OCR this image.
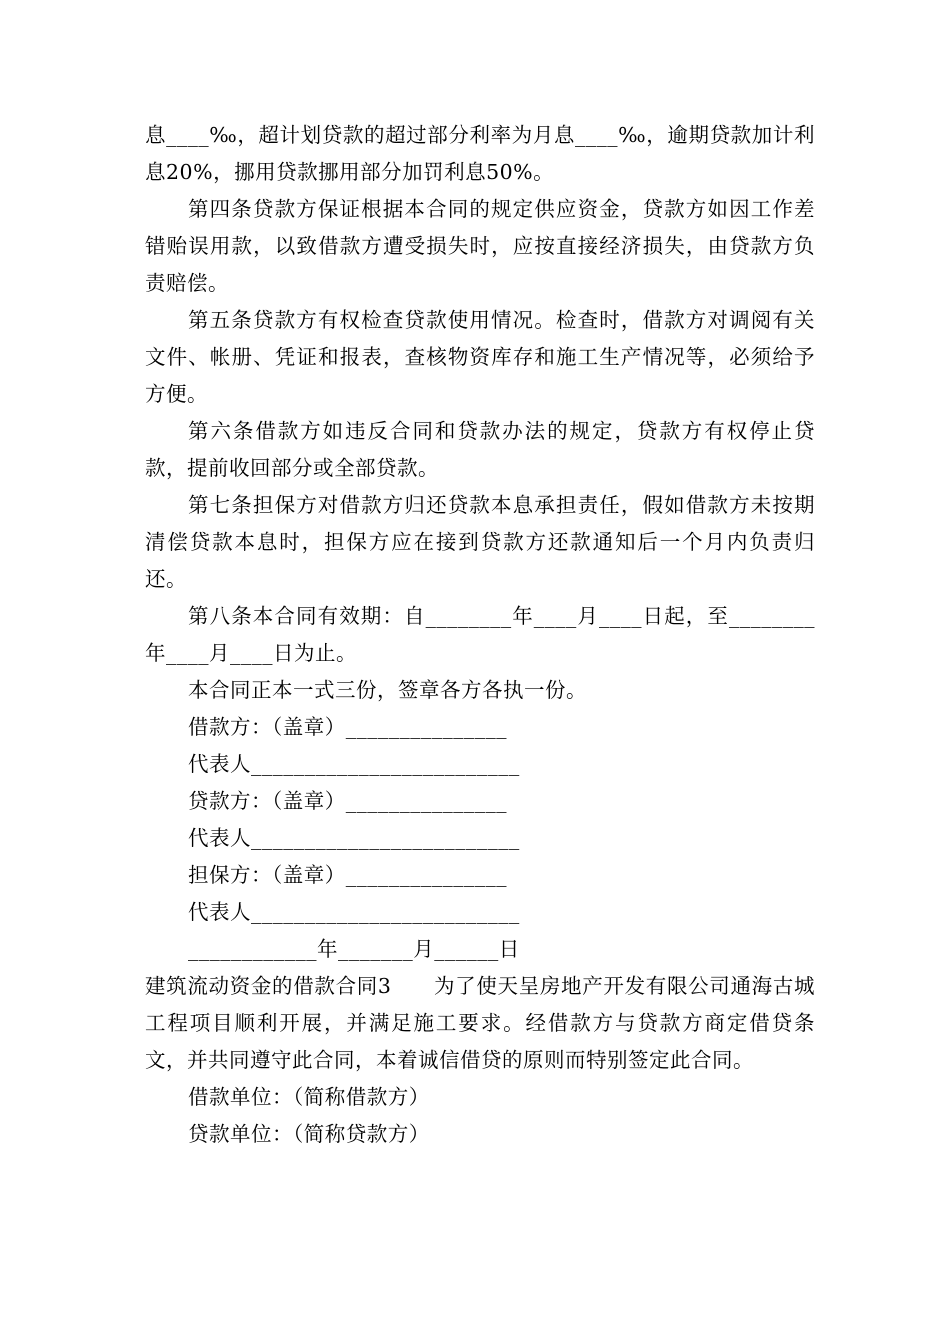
息____‰，超计划贷款的超过部分利率为月息____‰，逾期贷款加计利息20%，挪用贷款挪用部分加罚利息50%。

第四条贷款方保证根据本合同的规定供应资金，贷款方如因工作差错贻误用款，以致借款方遭受损失时，应按直接经济损失，由贷款方负责赔偿。

第五条贷款方有权检查贷款使用情况。检查时，借款方对调阅有关文件、帐册、凭证和报表，查核物资库存和施工生产情况等，必须给予方便。

第六条借款方如违反合同和贷款办法的规定，贷款方有权停止贷款，提前收回部分或全部贷款。

第七条担保方对借款方归还贷款本息承担责任，假如借款方未按期清偿贷款本息时，担保方应在接到贷款方还款通知后一个月内负责归还。

第八条本合同有效期：自________年____月____日起，至________年____月____日为止。

本合同正本一式三份，签章各方各执一份。

借款方：（盖章）_______________

代表人_________________________

贷款方：（盖章）_______________

代表人_________________________

担保方：（盖章）_______________

代表人_________________________

____________年_______月______日

建筑流动资金的借款合同3　　为了使天呈房地产开发有限公司通海古城工程项目顺利开展，并满足施工要求。经借款方与贷款方商定借贷条文，并共同遵守此合同，本着诚信借贷的原则而特别签定此合同。

借款单位：（简称借款方）

贷款单位：（简称贷款方）
